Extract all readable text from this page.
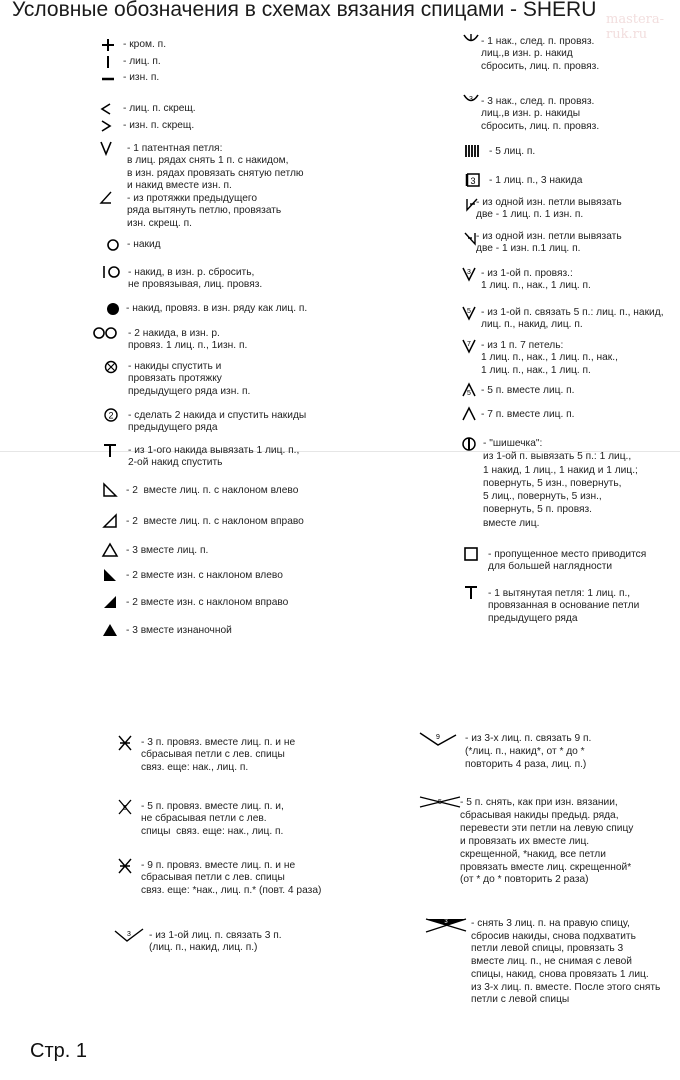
Условные обозначения в схемах вязания спицами - SHERU mastera-ruk.ru
- кром. п.
- лиц. п.
- изн. п.
- лиц. п. скрещ.
- изн. п. скрещ.
- 1 патентная петля:
в лиц. рядах снять 1 п. с накидом,
в изн. рядах провязать снятую петлю
и накид вместе изн. п.
- из протяжки предыдущего
ряда вытянуть петлю, провязать
изн. скрещ. п.
- накид
- накид, в изн. р. сбросить,
не провязывая, лиц. провяз.
- накид, провяз. в изн. ряду как лиц. п.
- 2 накида, в изн. р.
провяз. 1 лиц. п., 1изн. п.
- накиды спустить и
провязать протяжку
предыдущего ряда изн. п.
2 - сделать 2 накида и спустить накиды
предыдущего ряда
- из 1-ого накида вывязать 1 лиц. п.,
2-ой накид спустить
- 2  вместе лиц. п. с наклоном влево
- 2  вместе лиц. п. с наклоном вправо
- 3 вместе лиц. п.
- 2 вместе изн. с наклоном влево
- 2 вместе изн. с наклоном вправо
- 3 вместе изнаночной
- 1 нак., след. п. провяз.
лиц.,в изн. р. накид
сбросить, лиц. п. провяз.
3 - 3 нак., след. п. провяз.
лиц.,в изн. р. накиды
сбросить, лиц. п. провяз.
- 5 лиц. п.
3 - 1 лиц. п., 3 накида
- из одной изн. петли вывязать
две - 1 лиц. п. 1 изн. п.
- из одной изн. петли вывязать
две - 1 изн. п.1 лиц. п.
3 - из 1-ой п. провяз.:
1 лиц. п., нак., 1 лиц. п.
5 - из 1-ой п. связать 5 п.: лиц. п., накид,
лиц. п., накид, лиц. п.
7 - из 1 п. 7 петель:
1 лиц. п., нак., 1 лиц. п., нак.,
1 лиц. п., нак., 1 лиц. п.
5 - 5 п. вместе лиц. п.
- 7 п. вместе лиц. п.
- "шишечка":
из 1-ой п. вывязать 5 п.: 1 лиц.,
1 накид, 1 лиц., 1 накид и 1 лиц.;
повернуть, 5 изн., повернуть,
5 лиц., повернуть, 5 изн.,
повернуть, 5 п. провяз.
вместе лиц.
- пропущенное место приводится
для большей наглядности
- 1 вытянутая петля: 1 лиц. п.,
провязанная в основание петли
предыдущего ряда
- 3 п. провяз. вместе лиц. п. и не
сбрасывая петли с лев. спицы
связ. еще: нак., лиц. п.
5 - 5 п. провяз. вместе лиц. п. и,
не сбрасывая петли с лев.
спицы  связ. еще: нак., лиц. п.
- 9 п. провяз. вместе лиц. п. и не
сбрасывая петли с лев. спицы
связ. еще: *нак., лиц. п.* (повт. 4 раза)
3 - из 1-ой лиц. п. связать 3 п.
(лиц. п., накид, лиц. п.)
9 - из 3-х лиц. п. связать 9 п.
(*лиц. п., накид*, от * до *
повторить 4 раза, лиц. п.)
5 - 5 п. снять, как при изн. вязании,
сбрасывая накиды предыд. ряда,
перевести эти петли на левую спицу
и провязать их вместе лиц.
скрещенной, *накид, все петли
провязать вместе лиц. скрещенной*
(от * до * повторить 2 раза)
3 - снять 3 лиц. п. на правую спицу,
сбросив накиды, снова подхватить
петли левой спицы, провязать 3
вместе лиц. п., не снимая с левой
спицы, накид, снова провязать 1 лиц.
из 3-х лиц. п. вместе. После этого снять
петли с левой спицы
Стр. 1
